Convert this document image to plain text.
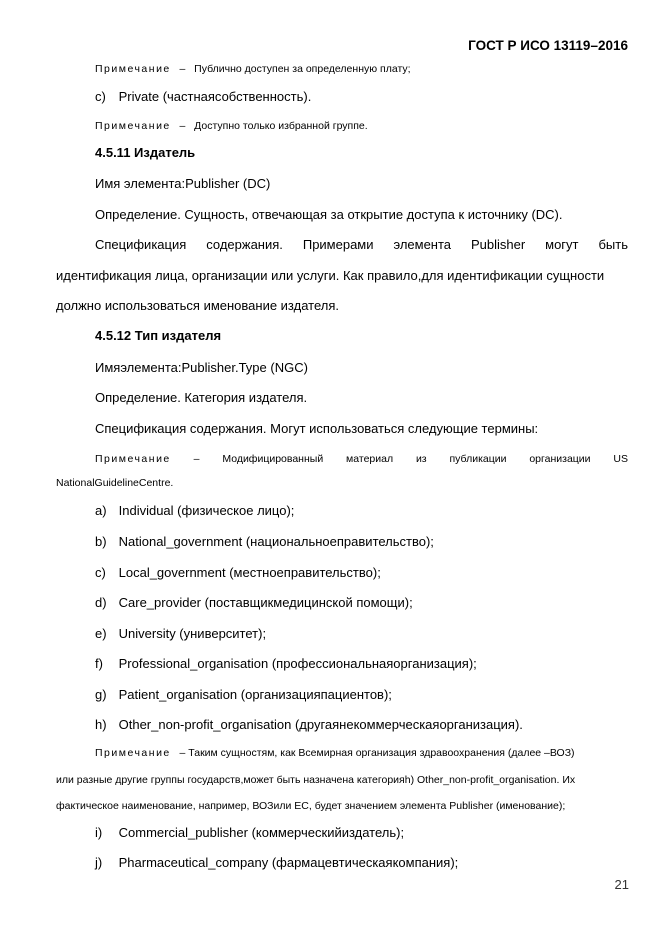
ГОСТ Р ИСО 13119–2016
Примечание – Публично доступен за определенную плату;
c) Private (частнаясобственность).
Примечание – Доступно только избранной группе.
4.5.11 Издатель
Имя элемента:Publisher (DC)
Определение. Сущность, отвечающая за открытие доступа к источнику (DC).
Спецификация содержания. Примерами элемента Publisher могут быть
идентификация лица, организации или услуги. Как правило,для идентификации сущности
должно использоваться именование издателя.
4.5.12 Тип издателя
Имяэлемента:Publisher.Type (NGC)
Определение. Категория издателя.
Спецификация содержания. Могут использоваться следующие термины:
Примечание – Модифицированный материал из публикации организации US
NationalGuidelineCentre.
a) Individual (физическое лицо);
b) National_government (национальноеправительство);
c) Local_government (местноеправительство);
d) Care_provider (поставщикмедицинской помощи);
e) University (университет);
f) Professional_organisation (профессиональнаяорганизация);
g) Patient_organisation (организацияпациентов);
h) Other_non-profit_organisation (другаянекоммерческаяорганизация).
Примечание – Таким сущностям, как Всемирная организация здравоохранения (далее –ВОЗ)
или разные другие группы государств,может быть назначена категорияh) Other_non-profit_organisation. Их
фактическое наименование, например, ВОЗили ЕС, будет значением элемента Publisher (именование);
i) Commercial_publisher (коммерческийиздатель);
j) Pharmaceutical_company (фармацевтическаякомпания);
21
